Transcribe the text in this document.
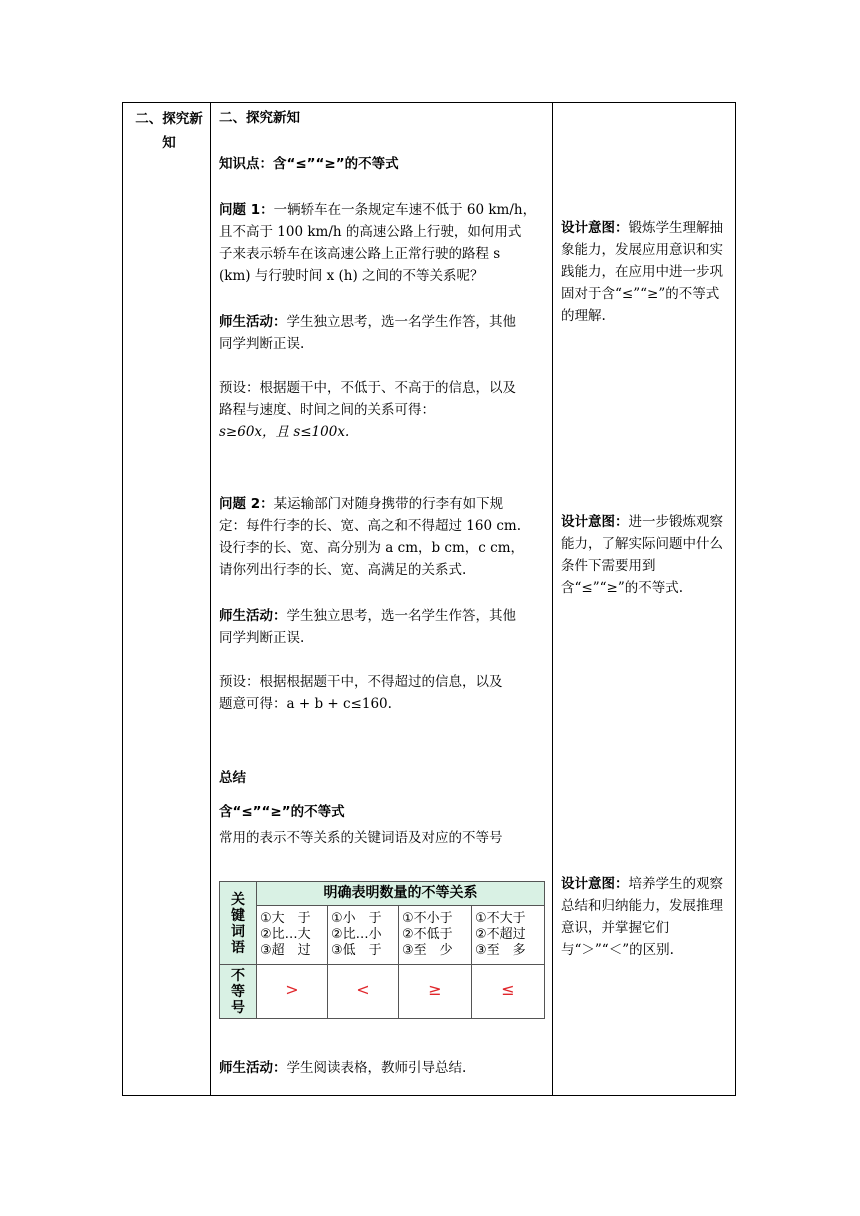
二、探究新知
二、探究新知
知识点：含“≤”“≥”的不等式
问题 1：一辆轿车在一条规定车速不低于 60 km/h，
且不高于 100 km/h 的高速公路上行驶，如何用式
子来表示轿车在该高速公路上正常行驶的路程 s
(km) 与行驶时间 x (h) 之间的不等关系呢？
师生活动：学生独立思考，选一名学生作答，其他
同学判断正误.
预设：根据题干中，不低于、不高于的信息，以及
路程与速度、时间之间的关系可得：
s≥60x，且 s≤100x.
问题 2：某运输部门对随身携带的行李有如下规
定：每件行李的长、宽、高之和不得超过 160 cm.
设行李的长、宽、高分别为 a cm，b cm，c cm，
请你列出行李的长、宽、高满足的关系式.
师生活动：学生独立思考，选一名学生作答，其他
同学判断正误.
预设：根据根据题干中，不得超过的信息，以及
题意可得：a + b + c≤160.
总结
含“≤”“≥”的不等式
常用的表示不等关系的关键词语及对应的不等号
师生活动：学生阅读表格，教师引导总结.
关键词语
不等号
明确表明数量的不等关系
①大　于
②比…大
③超　过
>
①小　于
②比…小
③低　于
<
①不小于
②不低于
③至　少
≥
①不大于
②不超过
③至　多
≤
设计意图：锻炼学生理解抽象能力，发展应用意识和实践能力，在应用中进一步巩固对于含“≤”“≥”的不等式的理解.
设计意图：进一步锻炼观察能力，了解实际问题中什么条件下需要用到含“≤”“≥”的不等式.
设计意图：培养学生的观察总结和归纳能力，发展推理意识，并掌握它们与“＞”“＜”的区别.
